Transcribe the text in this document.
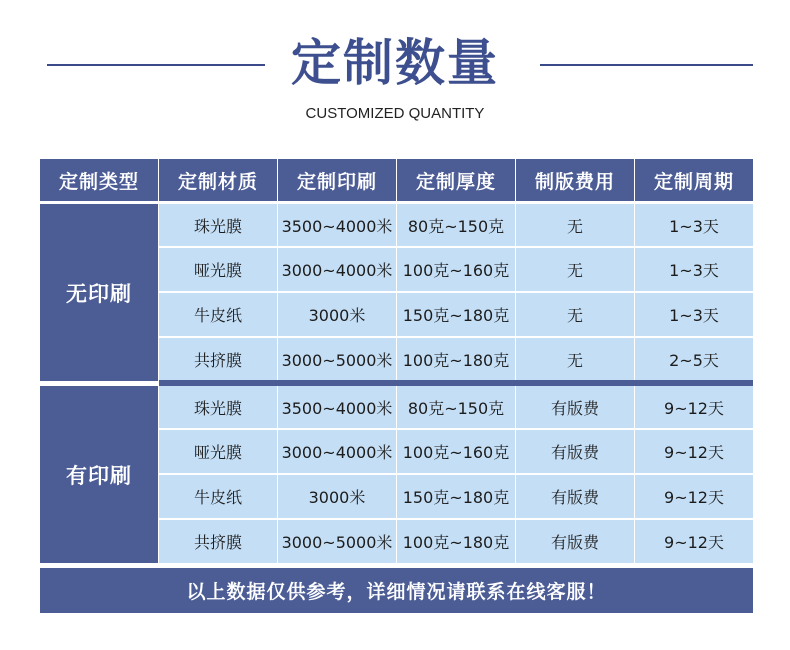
定制数量
CUSTOMIZED QUANTITY
定制类型	定制材质	定制印刷	定制厚度	制版费用	定制周期
无印刷
珠光膜	3500~4000米 80克~150克	无	1~3天
哑光膜	3000~4000米 100克~160克	无	1~3天
牛皮纸	3000米	150克~180克	无	1~3天
共挤膜	3000~5000米 100克~180克	无	2~5天
有印刷
珠光膜	3500~4000米 80克~150克	有版费	9~12天
哑光膜	3000~4000米 100克~160克	有版费	9~12天
牛皮纸	3000米	150克~180克	有版费	9~12天
共挤膜	3000~5000米 100克~180克	有版费	9~12天
以上数据仅供参考，详细情况请联系在线客服！
